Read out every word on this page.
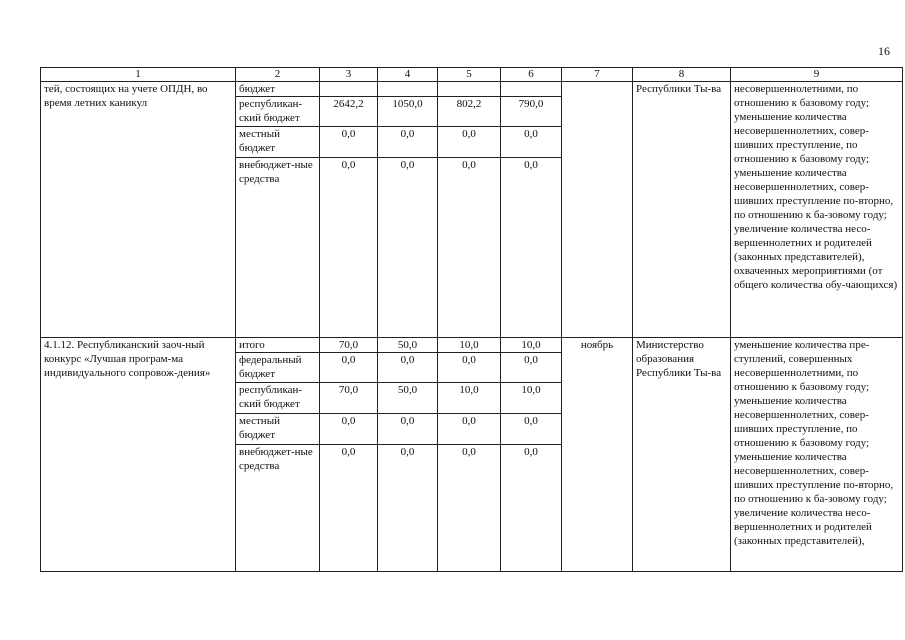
16
1	2	3	4	5	6	7	8	9
тей, состоящих на учете ОПДН, во время летних каникул	бюджет						Республики Ты-ва	несовершеннолетними, по отношению к базовому году; уменьшение количества несовершеннолетних, совер-шивших преступление, по отношению к базовому году; уменьшение количества несовершеннолетних, совер-шивших преступление по-вторно, по отношению к ба-зовому году; увеличение количества несо-вершеннолетних и родителей (законных представителей), охваченных мероприятиями (от общего количества обу-чающихся)
	республикан-ский бюджет	2642,2	1050,0	802,2	790,0			
	местный бюджет	0,0	0,0	0,0	0,0			
	внебюджет-ные средства	0,0	0,0	0,0	0,0			
4.1.12. Республиканский заоч-ный конкурс «Лучшая програм-ма индивидуального сопровож-дения»	итого	70,0	50,0	10,0	10,0	ноябрь	Министерство образования Республики Ты-ва	уменьшение количества пре-ступлений, совершенных несовершеннолетними, по отношению к базовому году; уменьшение количества несовершеннолетних, совер-шивших преступление, по отношению к базовому году; уменьшение количества несовершеннолетних, совер-шивших преступление по-вторно, по отношению к ба-зовому году; увеличение количества несо-вершеннолетних и родителей (законных представителей),
	федеральный бюджет	0,0	0,0	0,0	0,0			
	республикан-ский бюджет	70,0	50,0	10,0	10,0			
	местный бюджет	0,0	0,0	0,0	0,0			
	внебюджет-ные средства	0,0	0,0	0,0	0,0			
